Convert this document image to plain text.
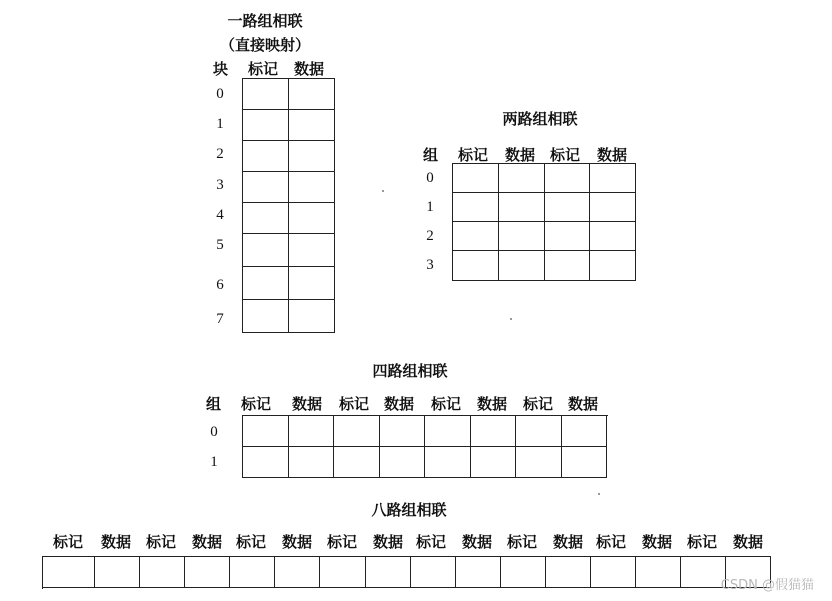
一路组相联
（直接映射）
块 标记 数据
0
1
2
3
4
5
6
7
两路组相联
组 标记 数据 标记 数据
0
1
2
3
四路组相联
组 标记 数据 标记 数据 标记 数据 标记 数据
0
1
八路组相联
标记 数据 标记 数据 标记 数据 标记 数据 标记 数据 标记 数据 标记 数据 标记 数据
CSDN @假猫猫
